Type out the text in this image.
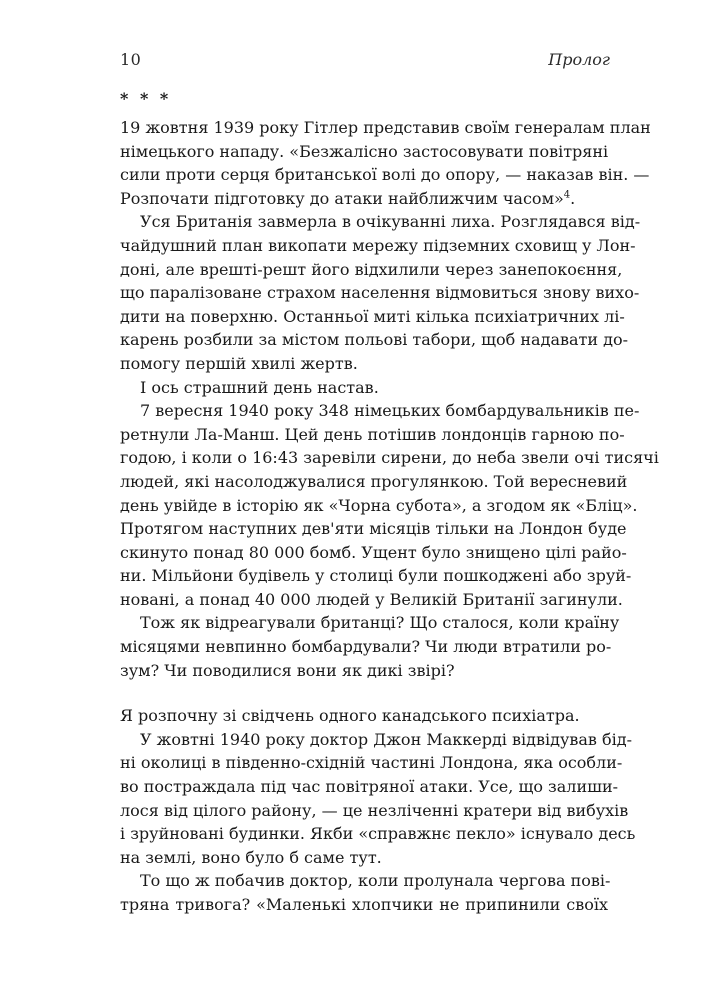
10	Пролог
* * *
19 жовтня 1939 року Гітлер представив своїм генералам план
німецького нападу. «Безжалісно застосовувати повітряні
сили проти серця британської волі до опору, — наказав він. —
Розпочати підготовку до атаки найближчим часом»$^4$.
Уся Британія завмерла в очікуванні лиха. Розглядався від-
чайдушний план викопати мережу підземних сховищ у Лон-
доні, але врешті-решт його відхилили через занепокоєння,
що паралізоване страхом населення відмовиться знову вихо-
дити на поверхню. Останньої миті кілька психіатричних лі-
карень розбили за містом польові табори, щоб надавати до-
помогу першій хвилі жертв.
І ось страшний день настав.
7 вересня 1940 року 348 німецьких бомбардувальників пе-
ретнули Ла-Манш. Цей день потішив лондонців гарною по-
годою, і коли о 16:43 заревіли сирени, до неба звели очі тисячі
людей, які насолоджувалися прогулянкою. Той вересневий
день увійде в історію як «Чорна субота», а згодом як «Бліц».
Протягом наступних дев'яти місяців тільки на Лондон буде
скинуто понад 80 000 бомб. Ущент було знищено цілі райо-
ни. Мільйони будівель у столиці були пошкоджені або зруй-
новані, а понад 40 000 людей у Великій Британії загинули.
Тож як відреагували британці? Що сталося, коли країну
місяцями невпинно бомбардували? Чи люди втратили ро-
зум? Чи поводилися вони як дикі звірі?
Я розпочну зі свідчень одного канадського психіатра.
У жовтні 1940 року доктор Джон Маккерді відвідував бід-
ні околиці в південно-східній частині Лондона, яка особли-
во постраждала під час повітряної атаки. Усе, що залиши-
лося від цілого району, — це незліченні кратери від вибухів
і зруйновані будинки. Якби «справжнє пекло» існувало десь
на землі, воно було б саме тут.
То що ж побачив доктор, коли пролунала чергова пові-
тряна тривога? «Маленькі хлопчики не припинили своїх
